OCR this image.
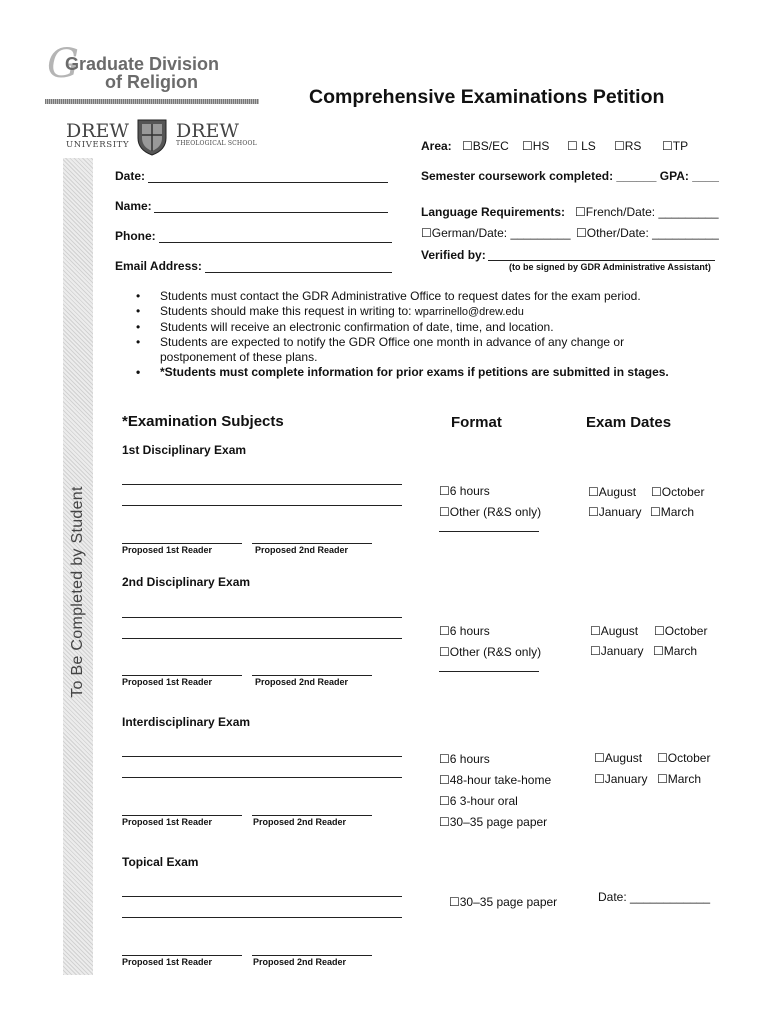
G
Graduate Division
of Religion
Comprehensive Examinations Petition
DREW
UNIVERSITY
DREW
THEOLOGICAL SCHOOL
To Be Completed by Student
Area: ☐BS/EC ☐HS ☐ LS ☐RS ☐TP
Date:
Name:
Phone:
Email Address:
Semester coursework completed: ______ GPA: ____
Language Requirements: ☐French/Date: _________
☐German/Date: _________ ☐Other/Date: __________
Verified by:
(to be signed by GDR Administrative Assistant)
• Students must contact the GDR Administrative Office to request dates for the exam period.
• Students should make this request in writing to: wparrinello@drew.edu
• Students will receive an electronic confirmation of date, time, and location.
• Students are expected to notify the GDR Office one month in advance of any change or postponement of these plans.
• *Students must complete information for prior exams if petitions are submitted in stages.
*Examination Subjects	Format	Exam Dates
1st Disciplinary Exam
Proposed 1st Reader	Proposed 2nd Reader
☐6 hours
☐Other (R&S only)
☐August ☐October
☐January ☐March
2nd Disciplinary Exam
Proposed 1st Reader	Proposed 2nd Reader
☐6 hours
☐Other (R&S only)
☐August ☐October
☐January ☐March
Interdisciplinary Exam
Proposed 1st Reader	Proposed 2nd Reader
☐6 hours
☐48-hour take-home
☐6 3-hour oral
☐30–35 page paper
☐August ☐October
☐January ☐March
Topical Exam
Proposed 1st Reader	Proposed 2nd Reader
☐30–35 page paper	Date: ____________
